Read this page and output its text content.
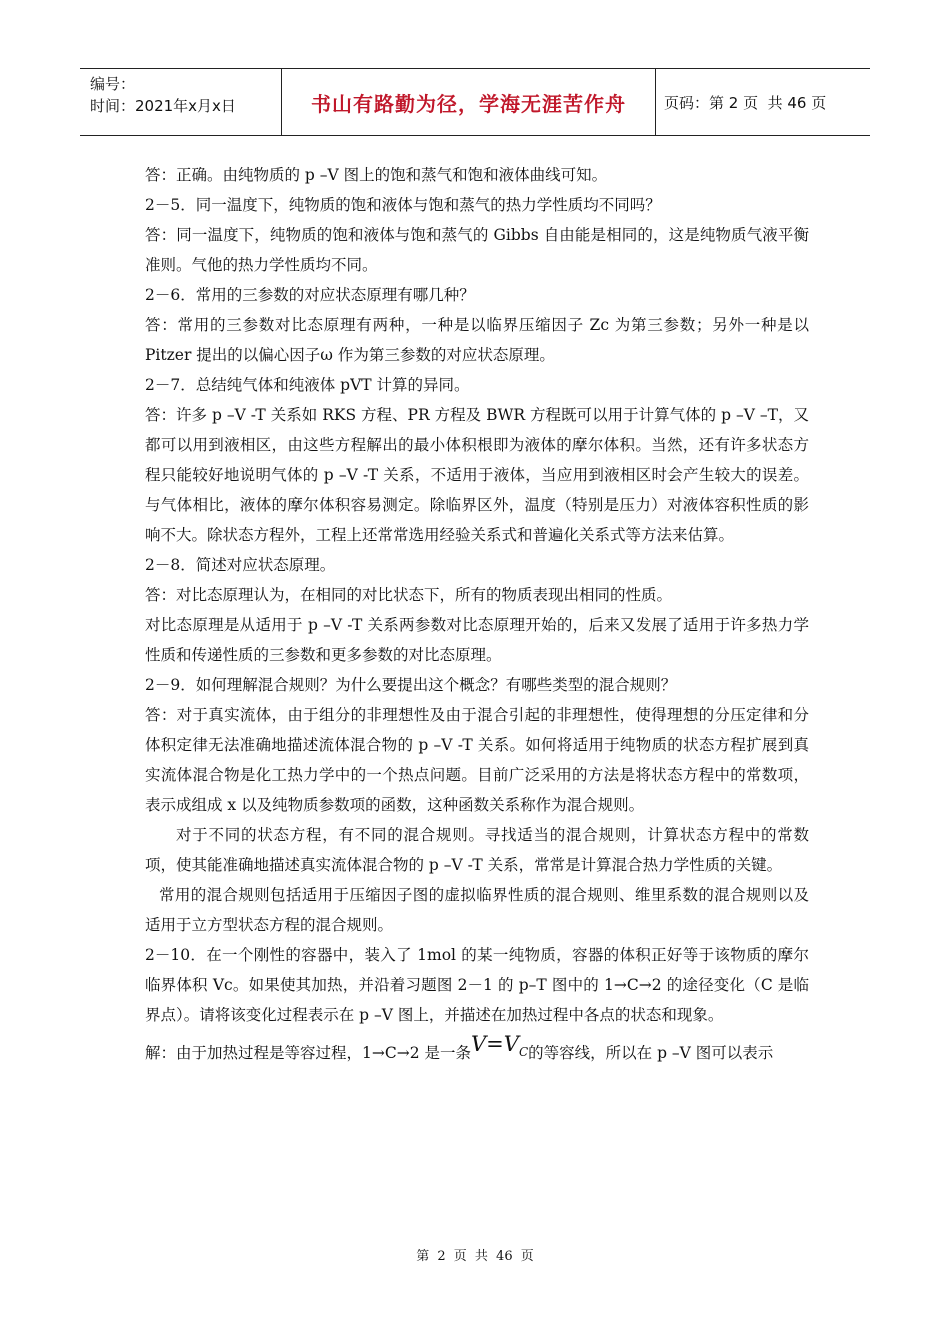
编号：
时间：2021年x月x日	书山有路勤为径，学海无涯苦作舟	页码：第 2 页  共 46 页

答：正确。由纯物质的 p –V 图上的饱和蒸气和饱和液体曲线可知。

2－5．同一温度下，纯物质的饱和液体与饱和蒸气的热力学性质均不同吗？

答：同一温度下，纯物质的饱和液体与饱和蒸气的 Gibbs 自由能是相同的，这是纯物质气液平衡准则。气他的热力学性质均不同。

2－6．常用的三参数的对应状态原理有哪几种？

答：常用的三参数对比态原理有两种，一种是以临界压缩因子 Zc 为第三参数；另外一种是以 Pitzer 提出的以偏心因子ω 作为第三参数的对应状态原理。

2－7．总结纯气体和纯液体 pVT 计算的异同。

答：许多 p –V -T 关系如 RKS 方程、PR 方程及 BWR 方程既可以用于计算气体的 p –V –T，又都可以用到液相区，由这些方程解出的最小体积根即为液体的摩尔体积。当然，还有许多状态方程只能较好地说明气体的 p –V -T 关系，不适用于液体，当应用到液相区时会产生较大的误差。与气体相比，液体的摩尔体积容易测定。除临界区外，温度（特别是压力）对液体容积性质的影响不大。除状态方程外，工程上还常常选用经验关系式和普遍化关系式等方法来估算。

2－8．简述对应状态原理。

答：对比态原理认为，在相同的对比状态下，所有的物质表现出相同的性质。

对比态原理是从适用于 p –V -T 关系两参数对比态原理开始的，后来又发展了适用于许多热力学性质和传递性质的三参数和更多参数的对比态原理。

2－9．如何理解混合规则？为什么要提出这个概念？有哪些类型的混合规则？

答：对于真实流体，由于组分的非理想性及由于混合引起的非理想性，使得理想的分压定律和分体积定律无法准确地描述流体混合物的 p –V -T 关系。如何将适用于纯物质的状态方程扩展到真实流体混合物是化工热力学中的一个热点问题。目前广泛采用的方法是将状态方程中的常数项，表示成组成 x 以及纯物质参数项的函数，这种函数关系称作为混合规则。

对于不同的状态方程，有不同的混合规则。寻找适当的混合规则，计算状态方程中的常数项，使其能准确地描述真实流体混合物的 p –V -T 关系，常常是计算混合热力学性质的关键。

常用的混合规则包括适用于压缩因子图的虚拟临界性质的混合规则、维里系数的混合规则以及适用于立方型状态方程的混合规则。

2－10．在一个刚性的容器中，装入了 1mol 的某一纯物质，容器的体积正好等于该物质的摩尔临界体积 Vc。如果使其加热，并沿着习题图 2－1 的 p–T 图中的 1→C→2 的途径变化（C 是临界点）。请将该变化过程表示在 p –V 图上，并描述在加热过程中各点的状态和现象。

解：由于加热过程是等容过程，1→C→2 是一条$V=V_C$的等容线，所以在 p –V 图可以表示

第 2 页 共 46 页
